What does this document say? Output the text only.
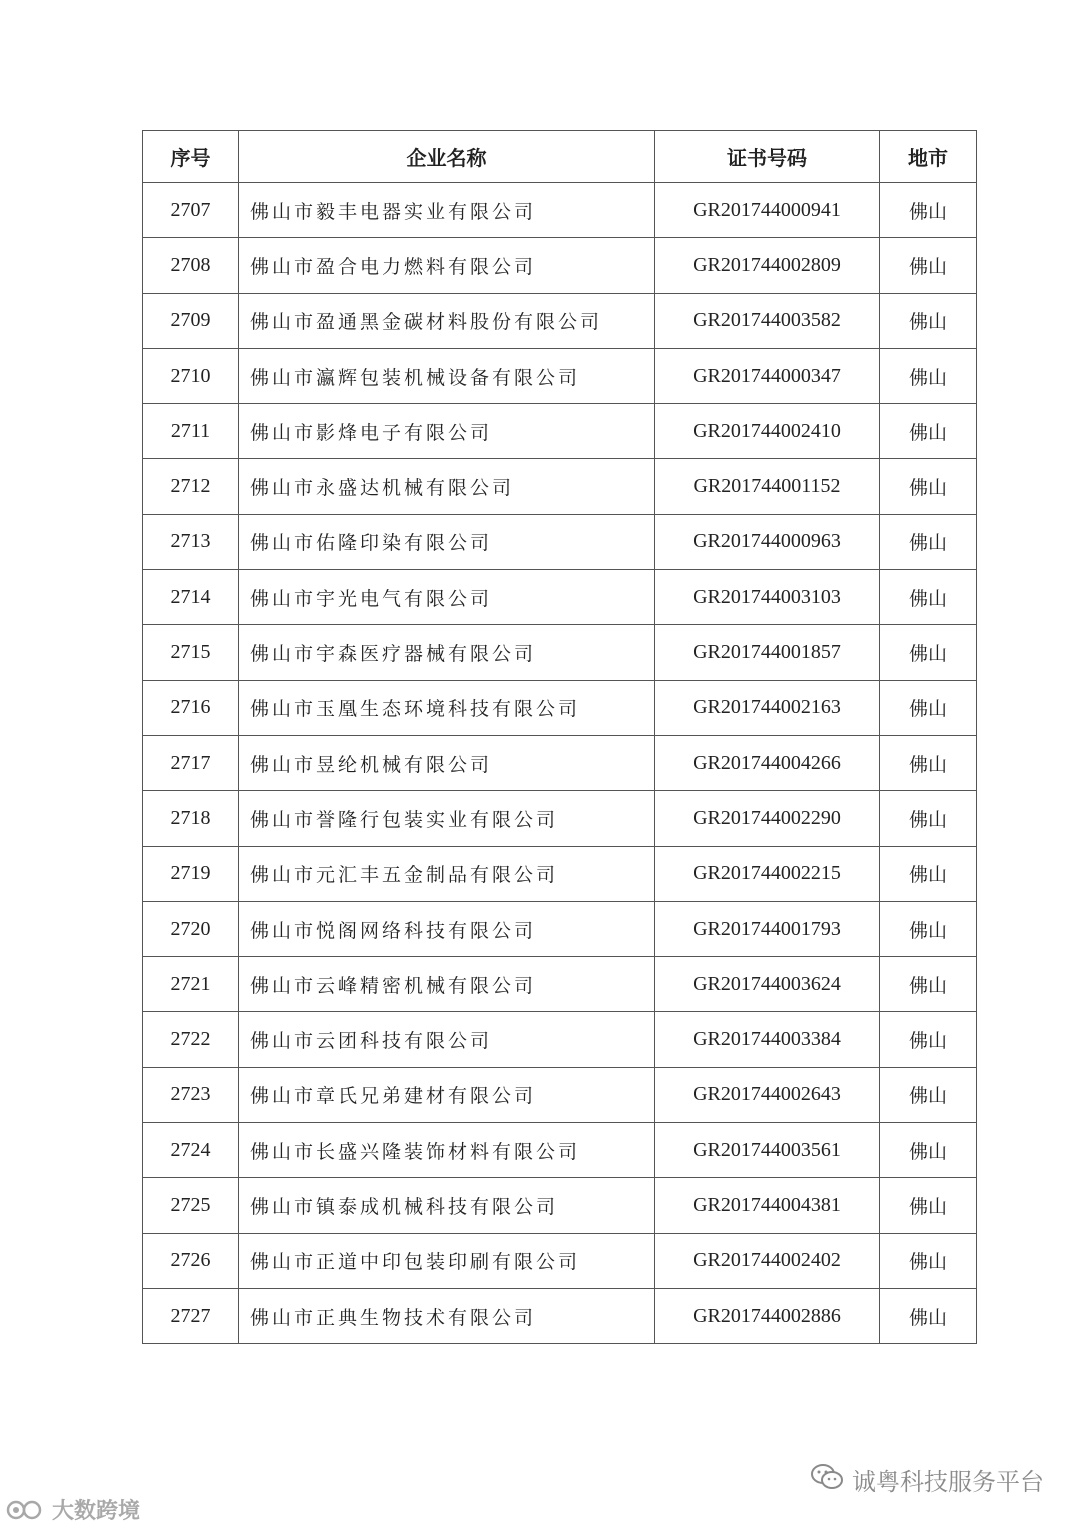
序号	企业名称	证书号码	地市
2707	佛山市毅丰电器实业有限公司	GR201744000941	佛山
2708	佛山市盈合电力燃料有限公司	GR201744002809	佛山
2709	佛山市盈通黑金碳材料股份有限公司	GR201744003582	佛山
2710	佛山市瀛辉包装机械设备有限公司	GR201744000347	佛山
2711	佛山市影烽电子有限公司	GR201744002410	佛山
2712	佛山市永盛达机械有限公司	GR201744001152	佛山
2713	佛山市佑隆印染有限公司	GR201744000963	佛山
2714	佛山市宇光电气有限公司	GR201744003103	佛山
2715	佛山市宇森医疗器械有限公司	GR201744001857	佛山
2716	佛山市玉凰生态环境科技有限公司	GR201744002163	佛山
2717	佛山市昱纶机械有限公司	GR201744004266	佛山
2718	佛山市誉隆行包装实业有限公司	GR201744002290	佛山
2719	佛山市元汇丰五金制品有限公司	GR201744002215	佛山
2720	佛山市悦阁网络科技有限公司	GR201744001793	佛山
2721	佛山市云峰精密机械有限公司	GR201744003624	佛山
2722	佛山市云团科技有限公司	GR201744003384	佛山
2723	佛山市章氏兄弟建材有限公司	GR201744002643	佛山
2724	佛山市长盛兴隆装饰材料有限公司	GR201744003561	佛山
2725	佛山市镇泰成机械科技有限公司	GR201744004381	佛山
2726	佛山市正道中印包装印刷有限公司	GR201744002402	佛山
2727	佛山市正典生物技术有限公司	GR201744002886	佛山
大数跨境
诚粤科技服务平台
